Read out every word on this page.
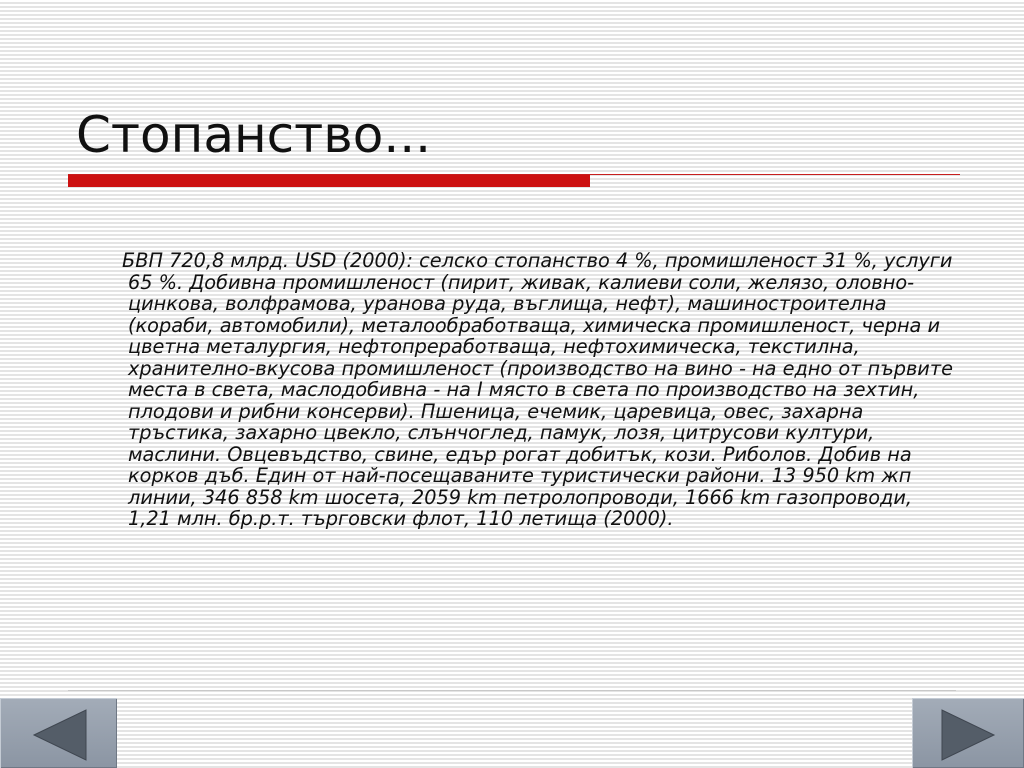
Стопанство...

БВП 720,8 млрд. USD (2000): селско стопанство 4 %, промишленост 31 %, услуги 65 %. Добивна промишленост (пирит, живак, калиеви соли, желязо, оловно-цинкова, волфрамова, уранова руда, въглища, нефт), машиностроителна (кораби, автомобили), металообработваща, химическа промишленост, черна и цветна металургия, нефтопреработваща, нефтохимическа, текстилна, хранително-вкусова промишленост (производство на вино - на едно от първите места в света, маслодобивна - на I място в света по производство на зехтин, плодови и рибни консерви). Пшеница, ечемик, царевица, овес, захарна тръстика, захарно цвекло, слънчоглед, памук, лозя, цитрусови култури, маслини. Овцевъдство, свине, едър рогат добитък, кози. Риболов. Добив на корков дъб. Един от най-посещаваните туристически райони. 13 950 km жп линии, 346 858 km шосета, 2059 km петролопроводи, 1666 km газопроводи, 1,21 млн. бр.р.т. търговски флот, 110 летища (2000).
